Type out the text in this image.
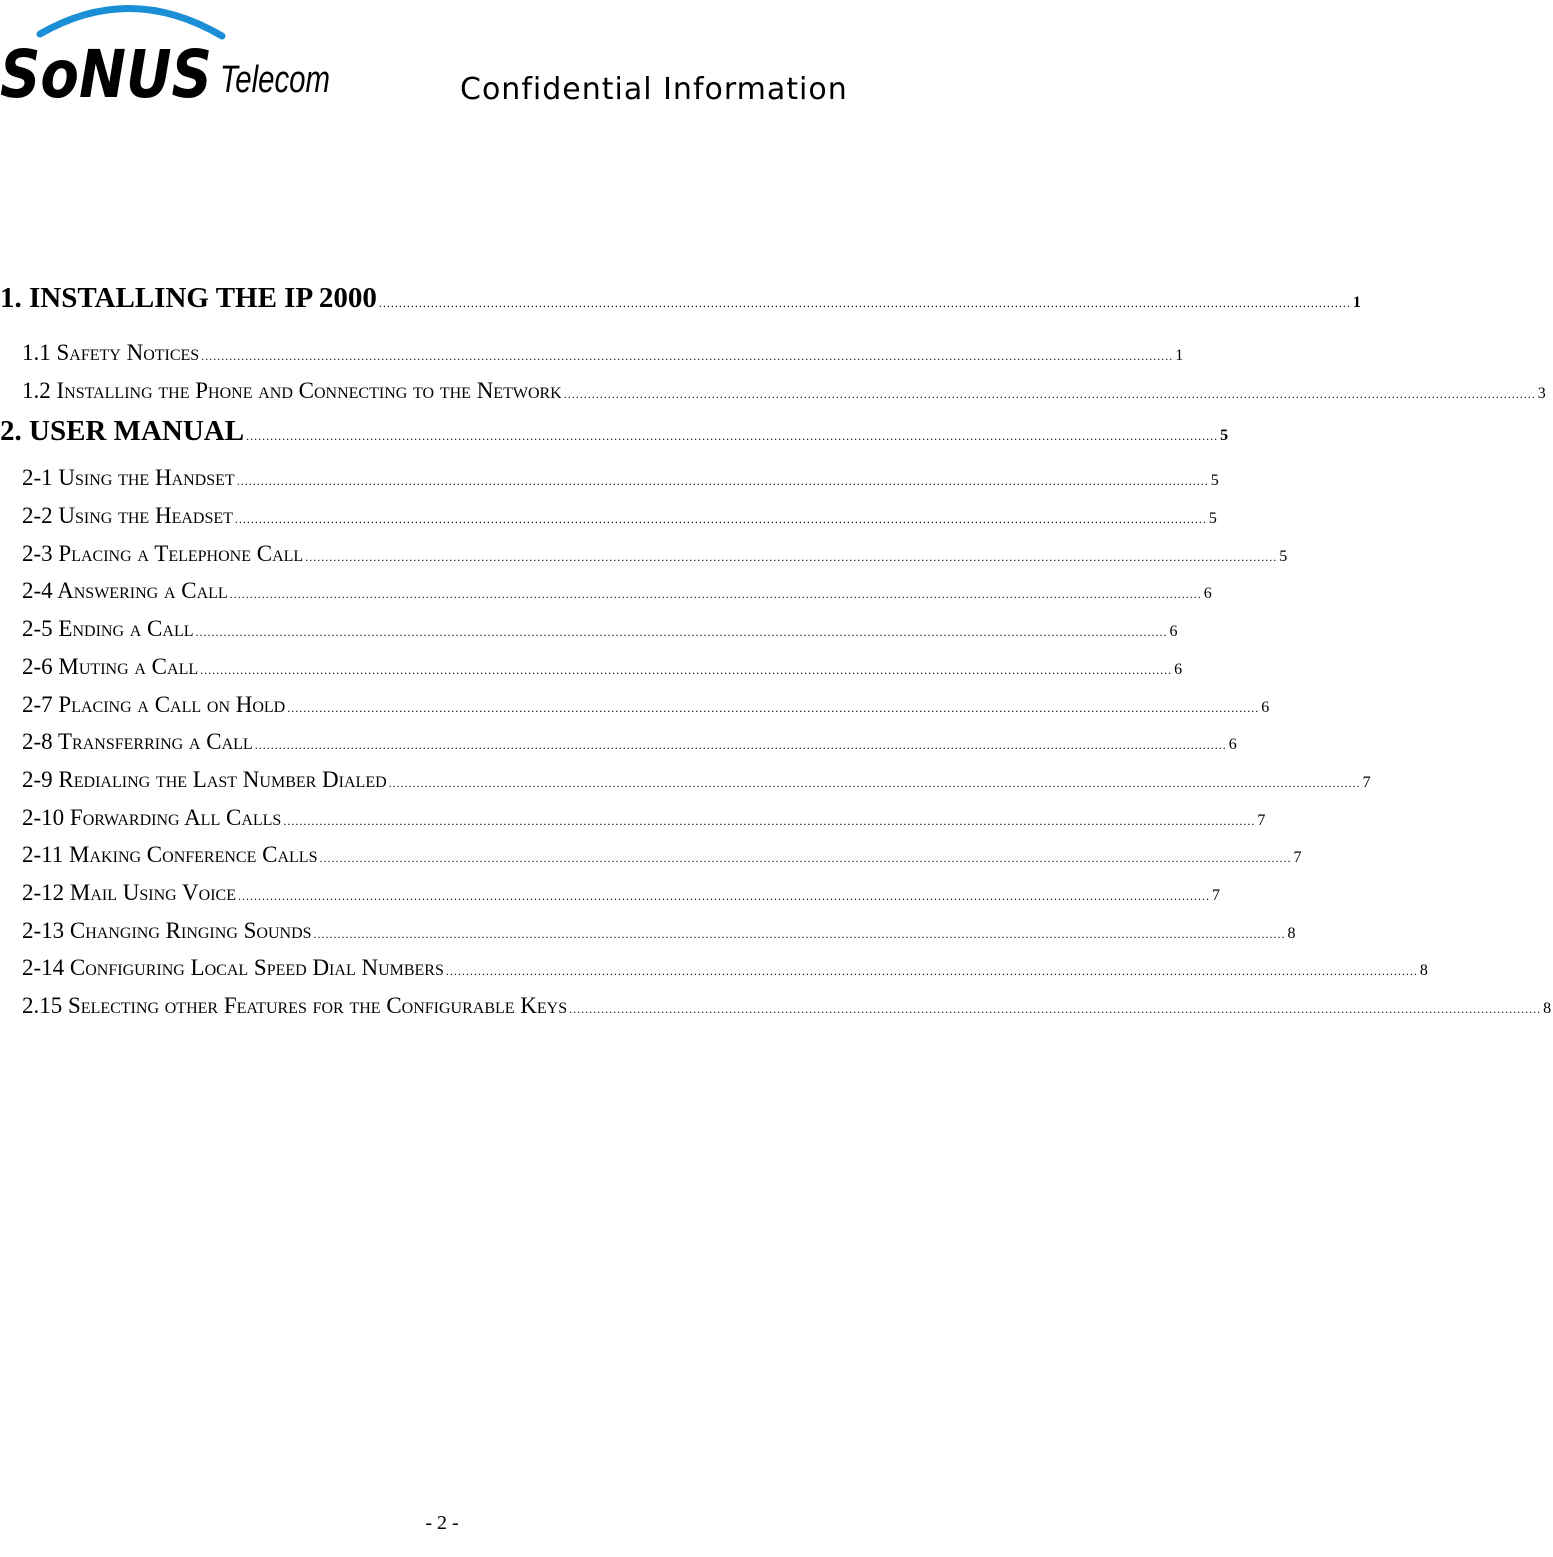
SoNUS Telecom	Confidential Information
1. INSTALLING THE IP 2000 .....	1
1.1 Safety Notices .....	1
1.2 Installing the Phone and Connecting to the Network .....	3
2. USER MANUAL .....	5
2-1 Using the Handset .....	5
2-2 Using the Headset .....	5
2-3 Placing a Telephone Call .....	5
2-4 Answering a Call .....	6
2-5 Ending a Call .....	6
2-6 Muting a Call .....	6
2-7 Placing a Call on Hold .....	6
2-8 Transferring a Call .....	6
2-9 Redialing the Last Number Dialed .....	7
2-10 Forwarding All Calls .....	7
2-11 Making Conference Calls .....	7
2-12 Mail Using Voice .....	7
2-13 Changing Ringing Sounds .....	8
2-14 Configuring Local Speed Dial Numbers .....	8
2.15 Selecting other Features for the Configurable Keys .....	8
- 2 -
